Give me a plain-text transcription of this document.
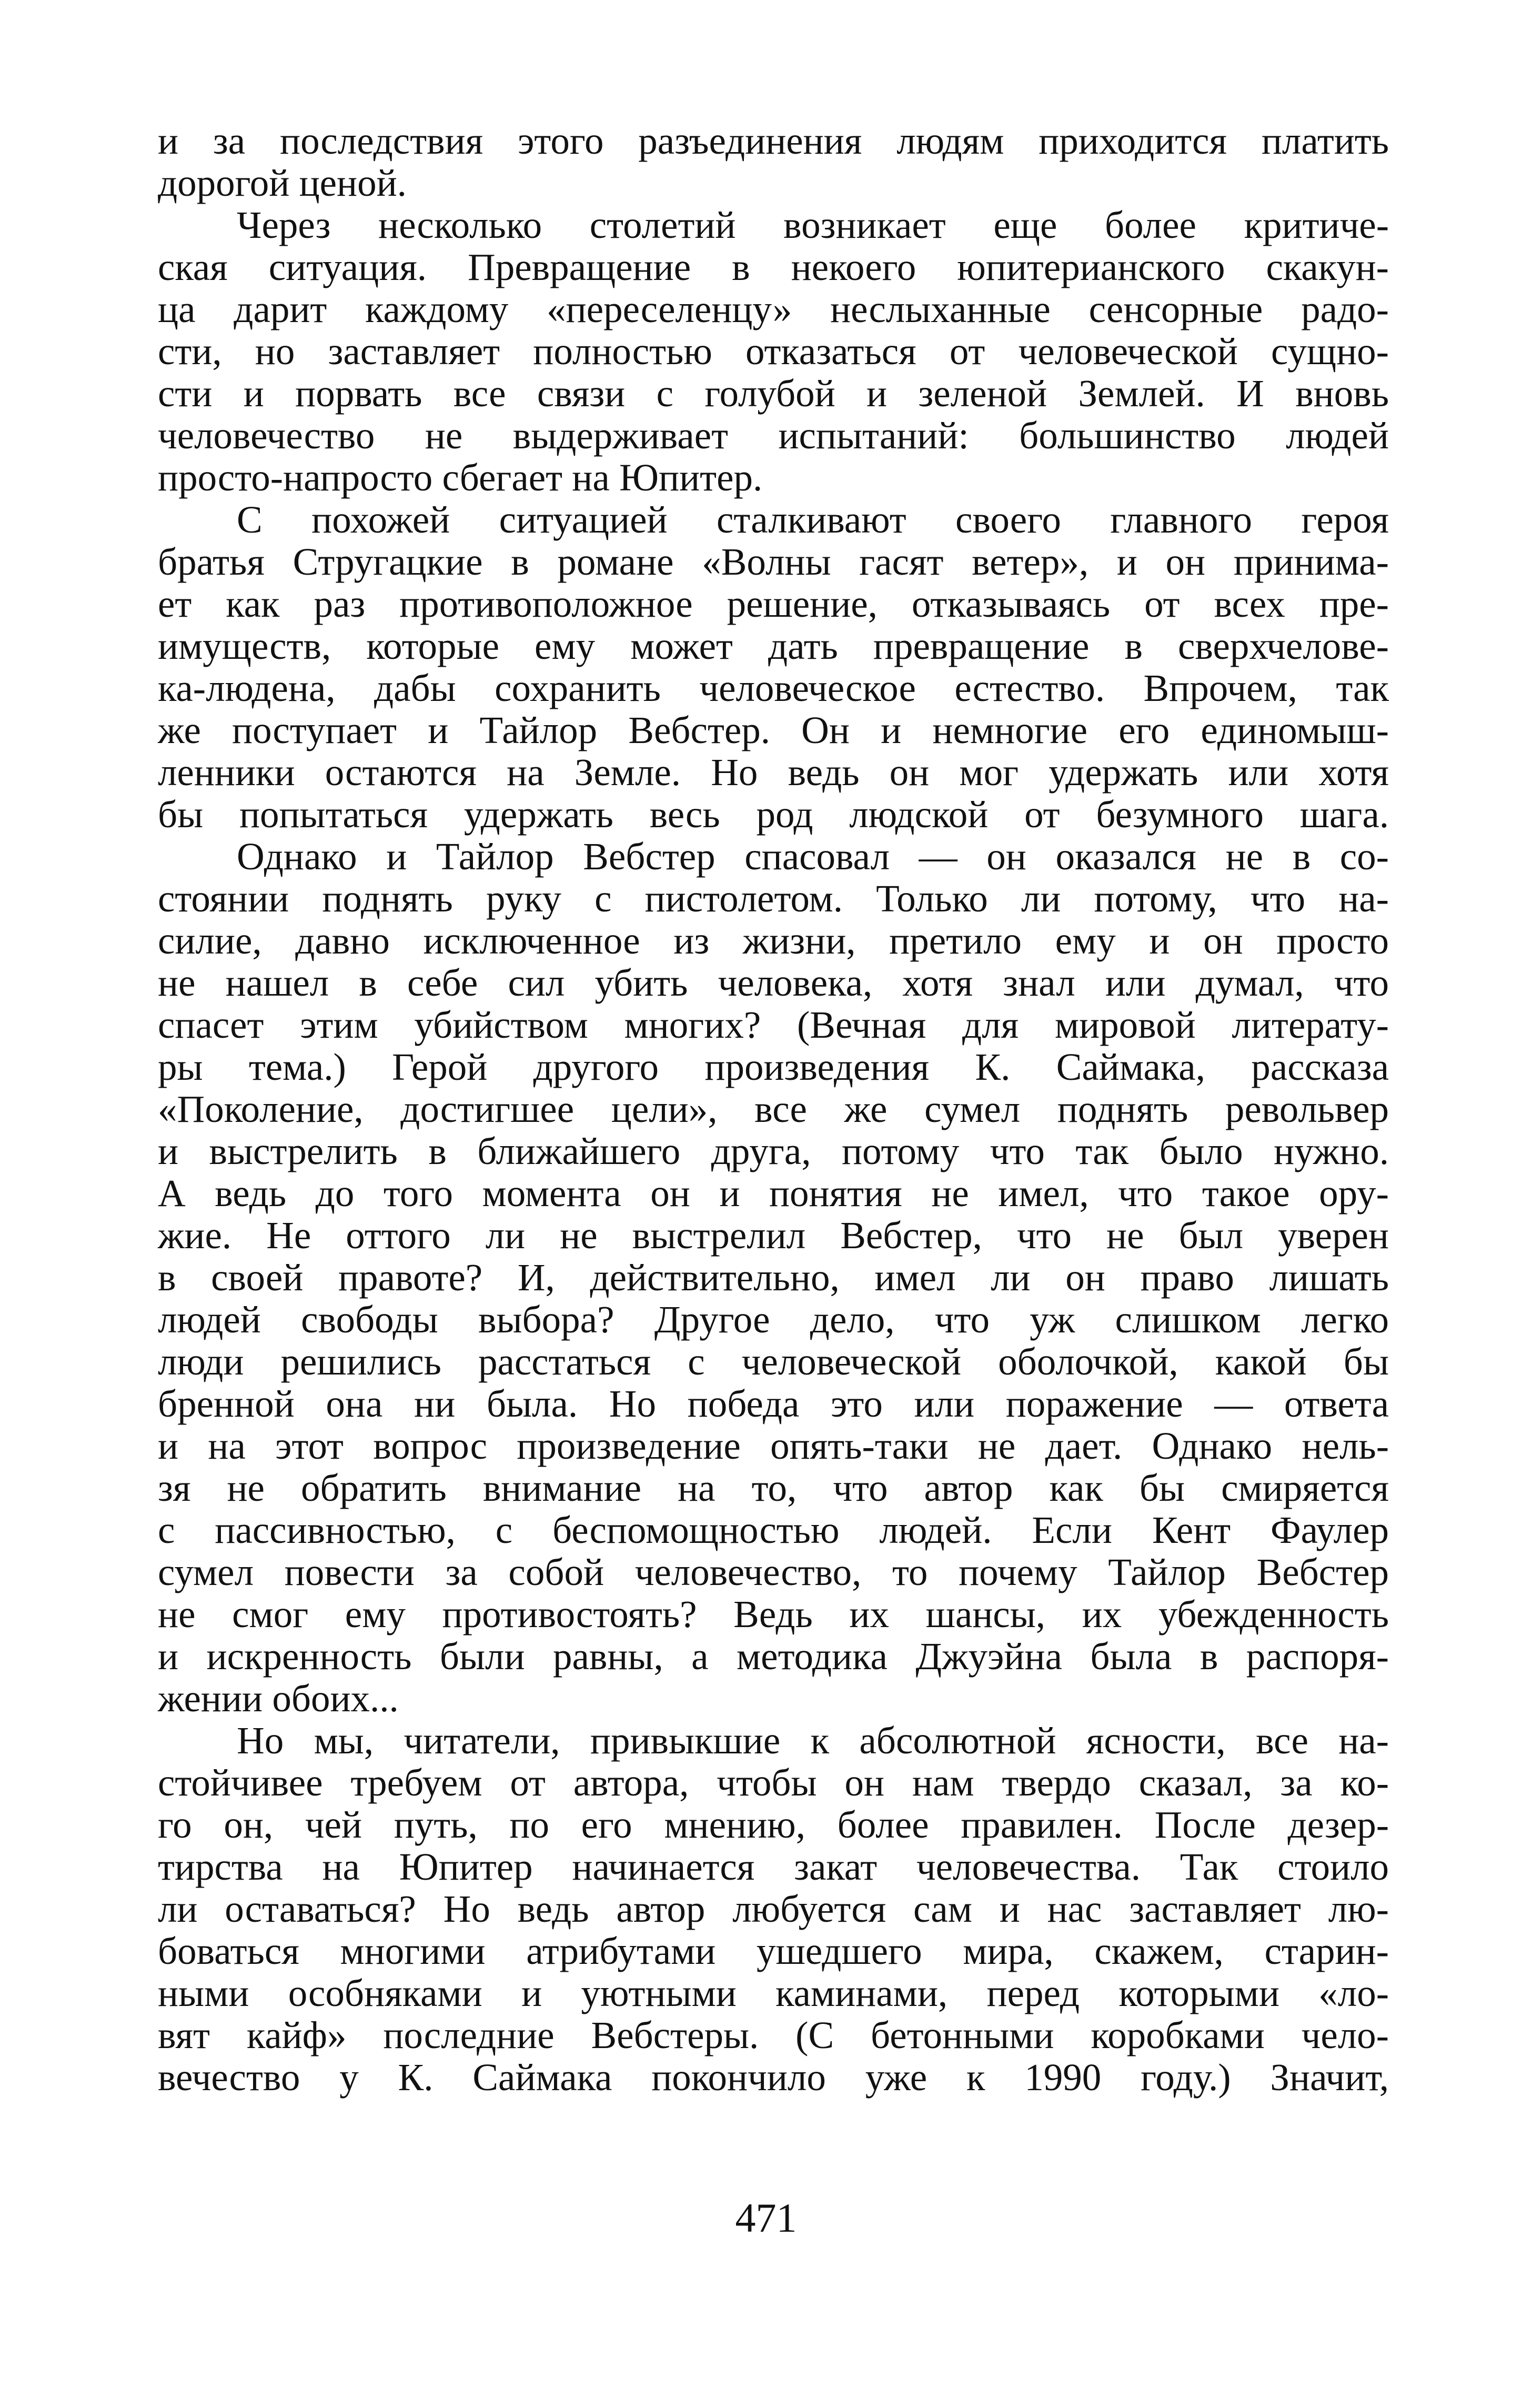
и за последствия этого разъединения людям приходится платить
дорогой ценой.
Через несколько столетий возникает еще более критиче-
ская ситуация. Превращение в некоего юпитерианского скакун-
ца дарит каждому «переселенцу» неслыханные сенсорные радо-
сти, но заставляет полностью отказаться от человеческой сущно-
сти и порвать все связи с голубой и зеленой Землей. И вновь
человечество не выдерживает испытаний: большинство людей
просто-напросто сбегает на Юпитер.
С похожей ситуацией сталкивают своего главного героя
братья Стругацкие в романе «Волны гасят ветер», и он принима-
ет как раз противоположное решение, отказываясь от всех пре-
имуществ, которые ему может дать превращение в сверхчелове-
ка-людена, дабы сохранить человеческое естество. Впрочем, так
же поступает и Тайлор Вебстер. Он и немногие его единомыш-
ленники остаются на Земле. Но ведь он мог удержать или хотя
бы попытаться удержать весь род людской от безумного шага.
Однако и Тайлор Вебстер спасовал — он оказался не в со-
стоянии поднять руку с пистолетом. Только ли потому, что на-
силие, давно исключенное из жизни, претило ему и он просто
не нашел в себе сил убить человека, хотя знал или думал, что
спасет этим убийством многих? (Вечная для мировой литерату-
ры тема.) Герой другого произведения К. Саймака, рассказа
«Поколение, достигшее цели», все же сумел поднять револьвер
и выстрелить в ближайшего друга, потому что так было нужно.
А ведь до того момента он и понятия не имел, что такое ору-
жие. Не оттого ли не выстрелил Вебстер, что не был уверен
в своей правоте? И, действительно, имел ли он право лишать
людей свободы выбора? Другое дело, что уж слишком легко
люди решились расстаться с человеческой оболочкой, какой бы
бренной она ни была. Но победа это или поражение — ответа
и на этот вопрос произведение опять-таки не дает. Однако нель-
зя не обратить внимание на то, что автор как бы смиряется
с пассивностью, с беспомощностью людей. Если Кент Фаулер
сумел повести за собой человечество, то почему Тайлор Вебстер
не смог ему противостоять? Ведь их шансы, их убежденность
и искренность были равны, а методика Джуэйна была в распоря-
жении обоих...
Но мы, читатели, привыкшие к абсолютной ясности, все на-
стойчивее требуем от автора, чтобы он нам твердо сказал, за ко-
го он, чей путь, по его мнению, более правилен. После дезер-
тирства на Юпитер начинается закат человечества. Так стоило
ли оставаться? Но ведь автор любуется сам и нас заставляет лю-
боваться многими атрибутами ушедшего мира, скажем, старин-
ными особняками и уютными каминами, перед которыми «ло-
вят кайф» последние Вебстеры. (С бетонными коробками чело-
вечество у К. Саймака покончило уже к 1990 году.) Значит,
471
